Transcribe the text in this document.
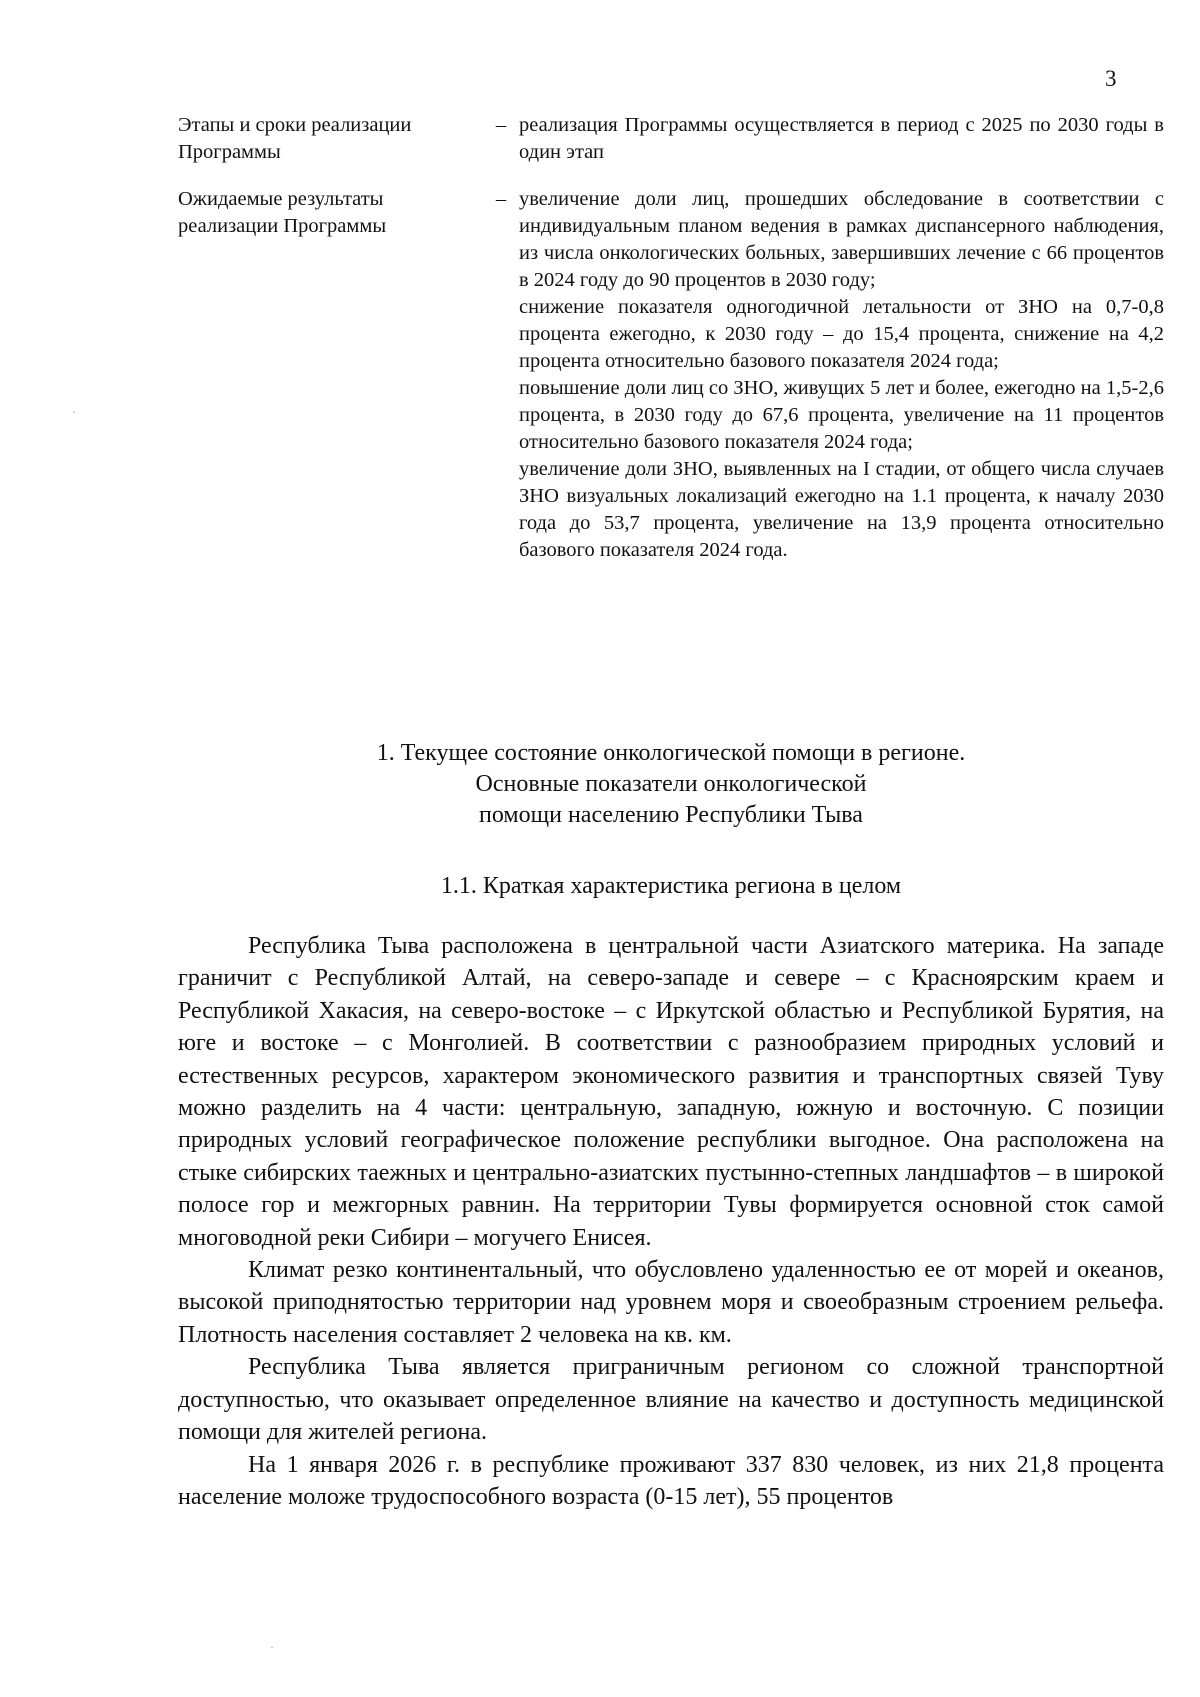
3
Этапы и сроки реализации Программы
– реализация Программы осуществляется в период с 2025 по 2030 годы в один этап

Ожидаемые результаты реализации Программы
– увеличение доли лиц, прошедших обследование в соответствии с индивидуальным планом ведения в рамках диспансерного наблюдения, из числа онкологических больных, завершивших лечение с 66 процентов в 2024 году до 90 процентов в 2030 году;

снижение показателя одногодичной летальности от ЗНО на 0,7-0,8 процента ежегодно, к 2030 году – до 15,4 процента, снижение на 4,2 процента относительно базового показателя 2024 года;

повышение доли лиц со ЗНО, живущих 5 лет и более, ежегодно на 1,5-2,6 процента, в 2030 году до 67,6 процента, увеличение на 11 процентов относительно базового показателя 2024 года;

увеличение доли ЗНО, выявленных на I стадии, от общего числа случаев ЗНО визуальных локализаций ежегодно на 1.1 процента, к началу 2030 года до 53,7 процента, увеличение на 13,9 процента относительно базового показателя 2024 года.

1. Текущее состояние онкологической помощи в регионе.

Основные показатели онкологической

помощи населению Республики Тыва

1.1. Краткая характеристика региона в целом

Республика Тыва расположена в центральной части Азиатского материка. На западе граничит с Республикой Алтай, на северо-западе и севере – с Красноярским краем и Республикой Хакасия, на северо-востоке – с Иркутской областью и Республикой Бурятия, на юге и востоке – с Монголией. В соответствии с разнообразием природных условий и естественных ресурсов, характером экономического развития и транспортных связей Туву можно разделить на 4 части: центральную, западную, южную и восточную. С позиции природных условий географическое положение республики выгодное. Она расположена на стыке сибирских таежных и центрально-азиатских пустынно-степных ландшафтов – в широкой полосе гор и межгорных равнин. На территории Тувы формируется основной сток самой многоводной реки Сибири – могучего Енисея.

Климат резко континентальный, что обусловлено удаленностью ее от морей и океанов, высокой приподнятостью территории над уровнем моря и своеобразным строением рельефа. Плотность населения составляет 2 человека на кв. км.

Республика Тыва является приграничным регионом со сложной транспортной доступностью, что оказывает определенное влияние на качество и доступность медицинской помощи для жителей региона.

На 1 января 2026 г. в республике проживают 337 830 человек, из них 21,8 процента население моложе трудоспособного возраста (0-15 лет), 55 процентов

·
·
